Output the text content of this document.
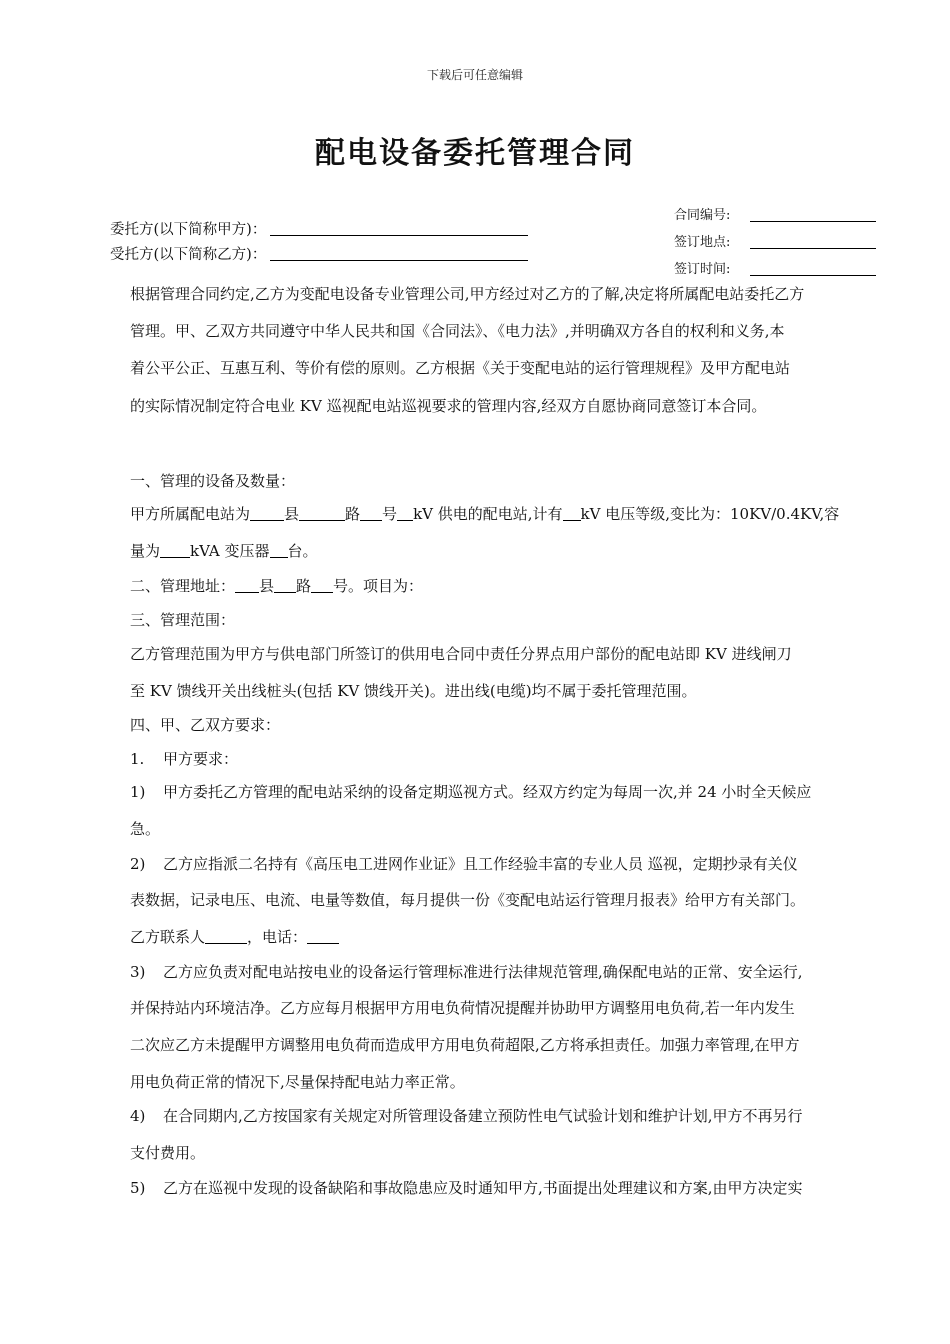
下载后可任意编辑
配电设备委托管理合同
委托方(以下简称甲方)：
受托方(以下简称乙方)：
合同编号:
签订地点:
签订时间:
根据管理合同约定,乙方为变配电设备专业管理公司,甲方经过对乙方的了解,决定将所属配电站委托乙方
管理。甲、乙双方共同遵守中华人民共和国《合同法》、《电力法》,并明确双方各自的权利和义务,本
着公平公正、互惠互利、等价有偿的原则。乙方根据《关于变配电站的运行管理规程》及甲方配电站
的实际情况制定符合电业 KV 巡视配电站巡视要求的管理内容,经双方自愿协商同意签订本合同。
一、管理的设备及数量：
甲方所属配电站为 县	路 号 kV 供电的配电站,计有 kV 电压等级,变比为：10KV/0.4KV,容
量为 kVA 变压器 台。
二、管理地址： 县 路 号。项目为：
三、管理范围：
乙方管理范围为甲方与供电部门所签订的供用电合同中责任分界点用户部份的配电站即 KV 进线闸刀
至 KV 馈线开关出线桩头(包括 KV 馈线开关)。进出线(电缆)均不属于委托管理范围。
四、甲、乙双方要求：
1. 甲方要求：
1) 甲方委托乙方管理的配电站采纳的设备定期巡视方式。经双方约定为每周一次,并 24 小时全天候应
急。
2) 乙方应指派二名持有《高压电工进网作业证》且工作经验丰富的专业人员 巡视，定期抄录有关仪
表数据，记录电压、电流、电量等数值，每月提供一份《变配电站运行管理月报表》给甲方有关部门。
乙方联系人	，电话：
3) 乙方应负责对配电站按电业的设备运行管理标准进行法律规范管理,确保配电站的正常、安全运行,
并保持站内环境洁净。乙方应每月根据甲方用电负荷情况提醒并协助甲方调整用电负荷,若一年内发生
二次应乙方未提醒甲方调整用电负荷而造成甲方用电负荷超限,乙方将承担责任。加强力率管理,在甲方
用电负荷正常的情况下,尽量保持配电站力率正常。
4) 在合同期内,乙方按国家有关规定对所管理设备建立预防性电气试验计划和维护计划,甲方不再另行
支付费用。
5) 乙方在巡视中发现的设备缺陷和事故隐患应及时通知甲方,书面提出处理建议和方案,由甲方决定实
